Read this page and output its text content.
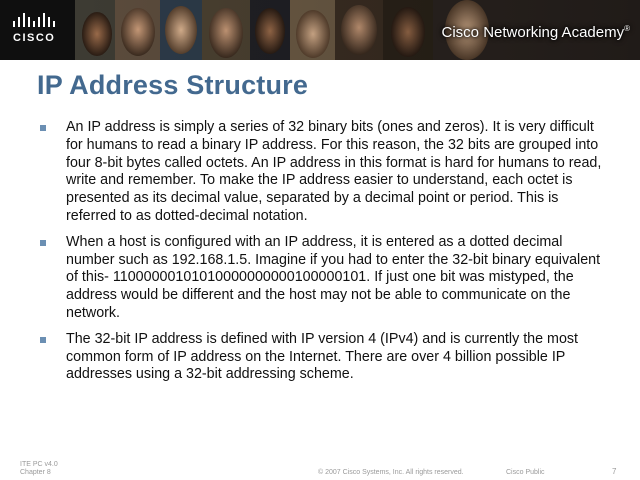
CISCO	Cisco Networking Academy®
IP Address Structure
An IP address is simply a series of 32 binary bits (ones and zeros). It is very difficult for humans to read a binary IP address. For this reason, the 32 bits are grouped into four 8-bit bytes called octets. An IP address in this format is hard for humans to read, write and remember. To make the IP address easier to understand, each octet is presented as its decimal value, separated by a decimal point or period. This is referred to as dotted-decimal notation.
When a host is configured with an IP address, it is entered as a dotted decimal number such as 192.168.1.5. Imagine if you had to enter the 32-bit binary equivalent of this- 11000000101010000000000100000101. If just one bit was mistyped, the address would be different and the host may not be able to communicate on the network.
The 32-bit IP address is defined with IP version 4 (IPv4) and is currently the most common form of IP address on the Internet. There are over 4 billion possible IP addresses using a 32-bit addressing scheme.
ITE PC v4.0
Chapter 8	© 2007 Cisco Systems, Inc. All rights reserved.	Cisco Public	7
